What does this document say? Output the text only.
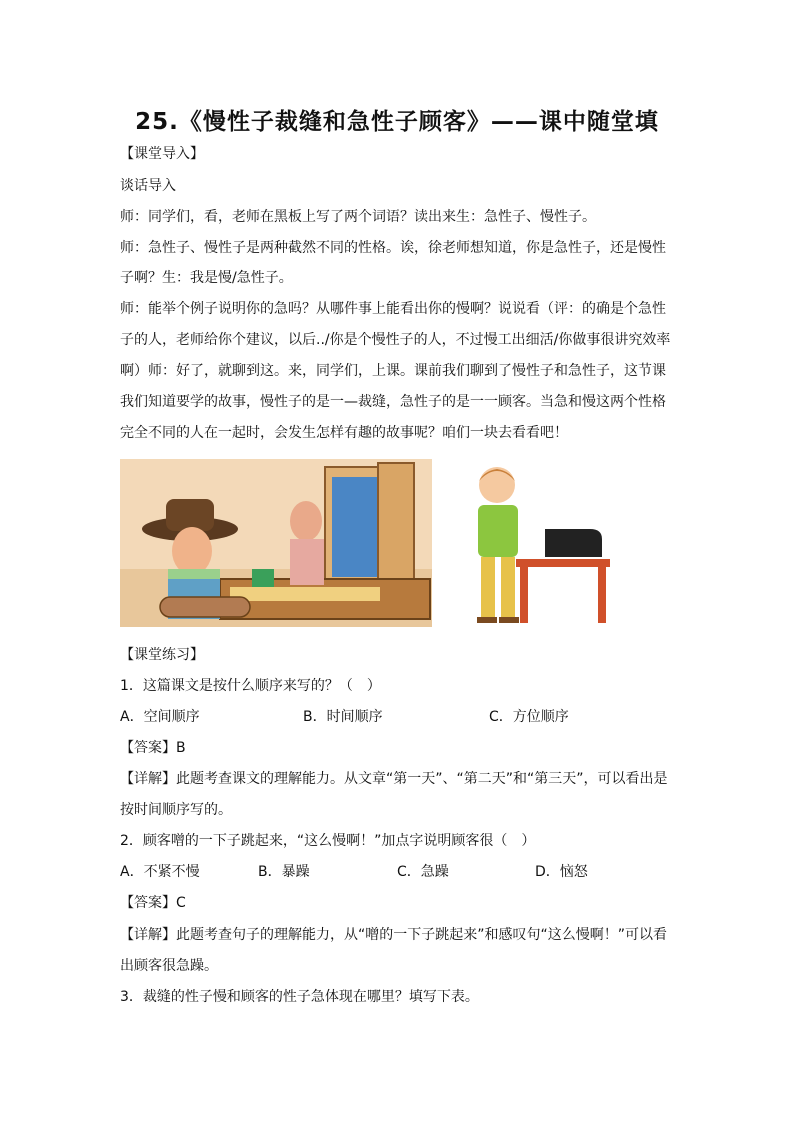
25.《慢性子裁缝和急性子顾客》——课中随堂填
【课堂导入】
谈话导入
师：同学们，看，老师在黑板上写了两个词语？读出来生：急性子、慢性子。
师：急性子、慢性子是两种截然不同的性格。诶，徐老师想知道，你是急性子，还是慢性
子啊？生：我是慢/急性子。
师：能举个例子说明你的急吗？从哪件事上能看出你的慢啊？说说看（评：的确是个急性
子的人，老师给你个建议，以后../你是个慢性子的人，不过慢工出细活/你做事很讲究效率
啊）师：好了，就聊到这。来，同学们，上课。课前我们聊到了慢性子和急性子，这节课
我们知道要学的故事，慢性子的是一—裁缝，急性子的是一一顾客。当急和慢这两个性格
完全不同的人在一起时，会发生怎样有趣的故事呢？咱们一块去看看吧！
【课堂练习】
1．这篇课文是按什么顺序来写的？（　）
A．空间顺序	B．时间顺序	C．方位顺序
【答案】B
【详解】此题考查课文的理解能力。从文章“第一天”、“第二天”和“第三天”，可以看出是
按时间顺序写的。
2．顾客噌的一下子跳起来，“这么慢啊！”加点字说明顾客很（　）
A．不紧不慢	B．暴躁	C．急躁	D．恼怒
【答案】C
【详解】此题考查句子的理解能力，从“噌的一下子跳起来”和感叹句“这么慢啊！”可以看
出顾客很急躁。
3．裁缝的性子慢和顾客的性子急体现在哪里？填写下表。
